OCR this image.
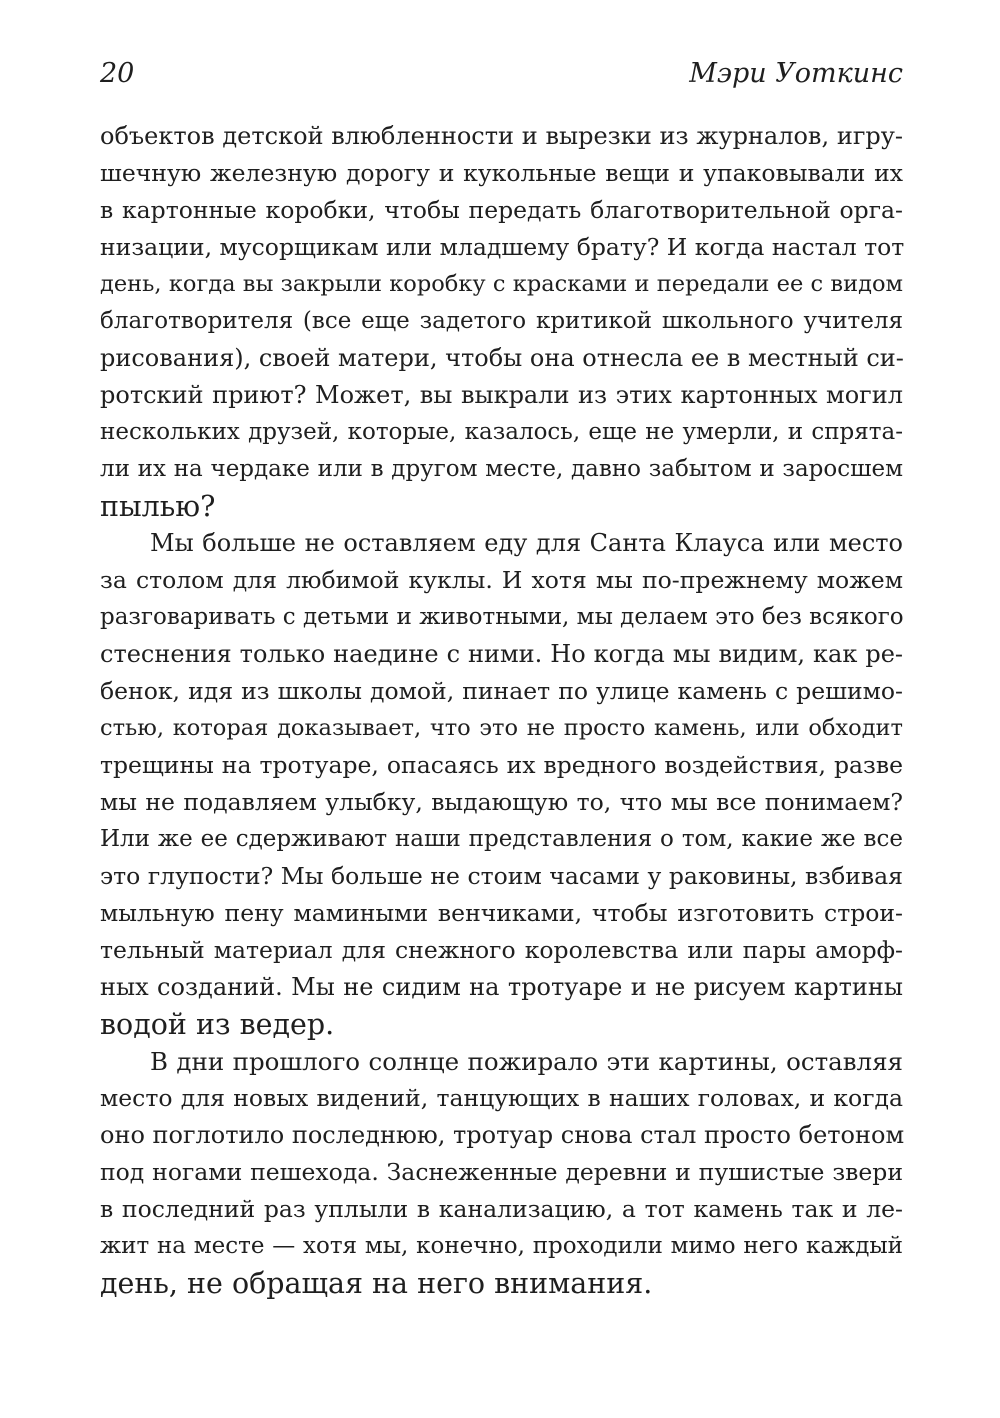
20	Мэри Уоткинс
объектов детской влюбленности и вырезки из журналов, игру-
шечную железную дорогу и кукольные вещи и упаковывали их
в картонные коробки, чтобы передать благотворительной орга-
низации, мусорщикам или младшему брату? И когда настал тот
день, когда вы закрыли коробку с красками и передали ее с видом
благотворителя (все еще задетого критикой школьного учителя
рисования), своей матери, чтобы она отнесла ее в местный си-
ротский приют? Может, вы выкрали из этих картонных могил
нескольких друзей, которые, казалось, еще не умерли, и спрята-
ли их на чердаке или в другом месте, давно забытом и заросшем
пылью?
Мы больше не оставляем еду для Санта Клауса или место
за столом для любимой куклы. И хотя мы по-прежнему можем
разговаривать с детьми и животными, мы делаем это без всякого
стеснения только наедине с ними. Но когда мы видим, как ре-
бенок, идя из школы домой, пинает по улице камень с решимо-
стью, которая доказывает, что это не просто камень, или обходит
трещины на тротуаре, опасаясь их вредного воздействия, разве
мы не подавляем улыбку, выдающую то, что мы все понимаем?
Или же ее сдерживают наши представления о том, какие же все
это глупости? Мы больше не стоим часами у раковины, взбивая
мыльную пену мамиными венчиками, чтобы изготовить строи-
тельный материал для снежного королевства или пары аморф-
ных созданий. Мы не сидим на тротуаре и не рисуем картины
водой из ведер.
В дни прошлого солнце пожирало эти картины, оставляя
место для новых видений, танцующих в наших головах, и когда
оно поглотило последнюю, тротуар снова стал просто бетоном
под ногами пешехода. Заснеженные деревни и пушистые звери
в последний раз уплыли в канализацию, а тот камень так и ле-
жит на месте — хотя мы, конечно, проходили мимо него каждый
день, не обращая на него внимания.
